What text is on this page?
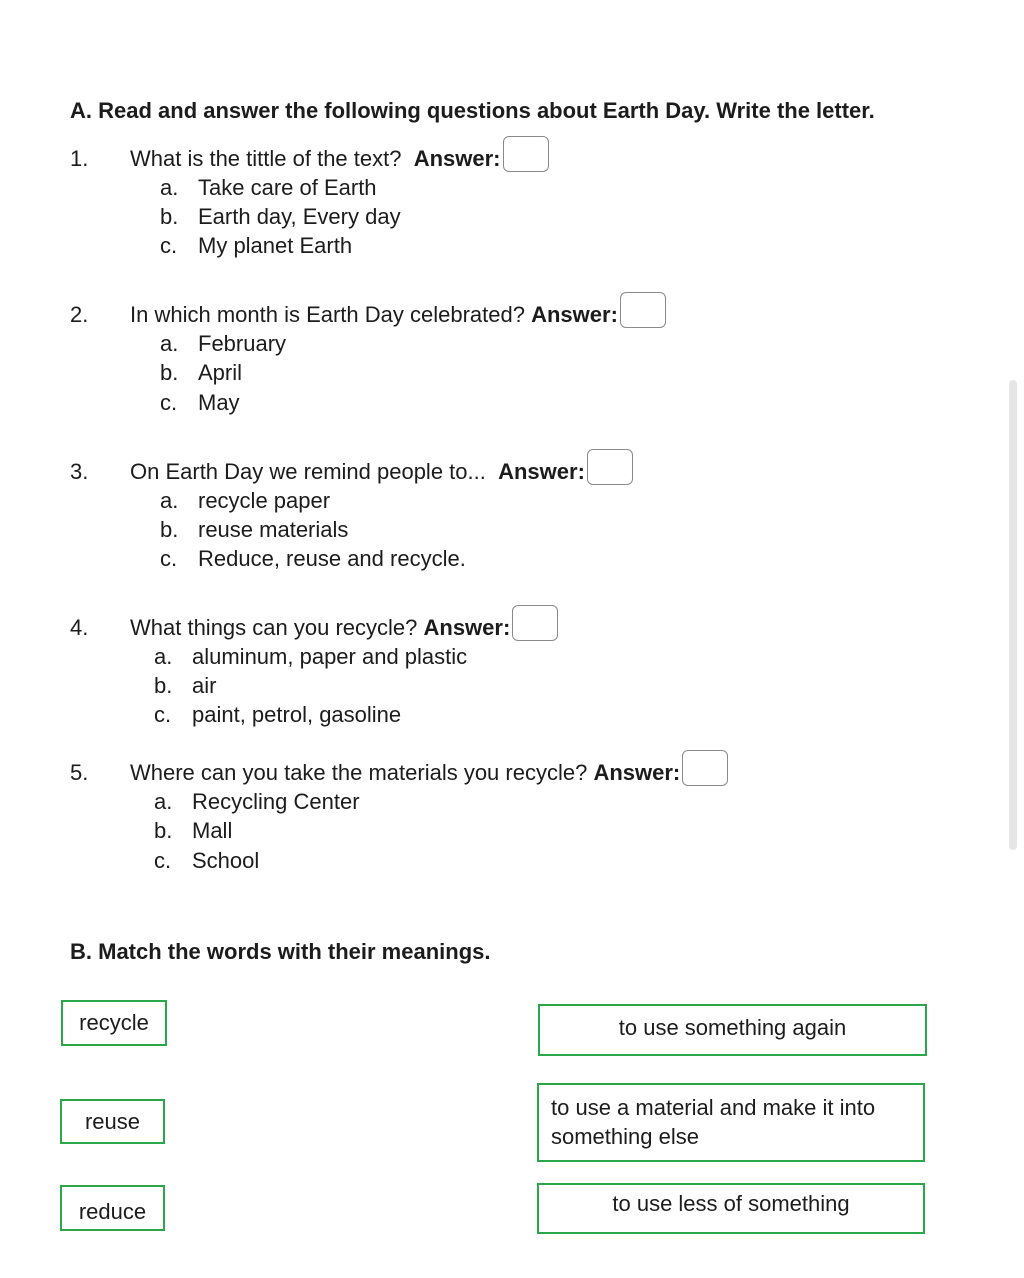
A. Read and answer the following questions about Earth Day. Write the letter.
1. What is the tittle of the text? Answer:
a. Take care of Earth
b. Earth day, Every day
c. My planet Earth
2. In which month is Earth Day celebrated? Answer:
a. February
b. April
c. May
3. On Earth Day we remind people to... Answer:
a. recycle paper
b. reuse materials
c. Reduce, reuse and recycle.
4. What things can you recycle? Answer:
a. aluminum, paper and plastic
b. air
c. paint, petrol, gasoline
5. Where can you take the materials you recycle? Answer:
a. Recycling Center
b. Mall
c. School
B. Match the words with their meanings.
recycle
reuse
reduce
to use something again
to use a material and make it into something else
to use less of something
